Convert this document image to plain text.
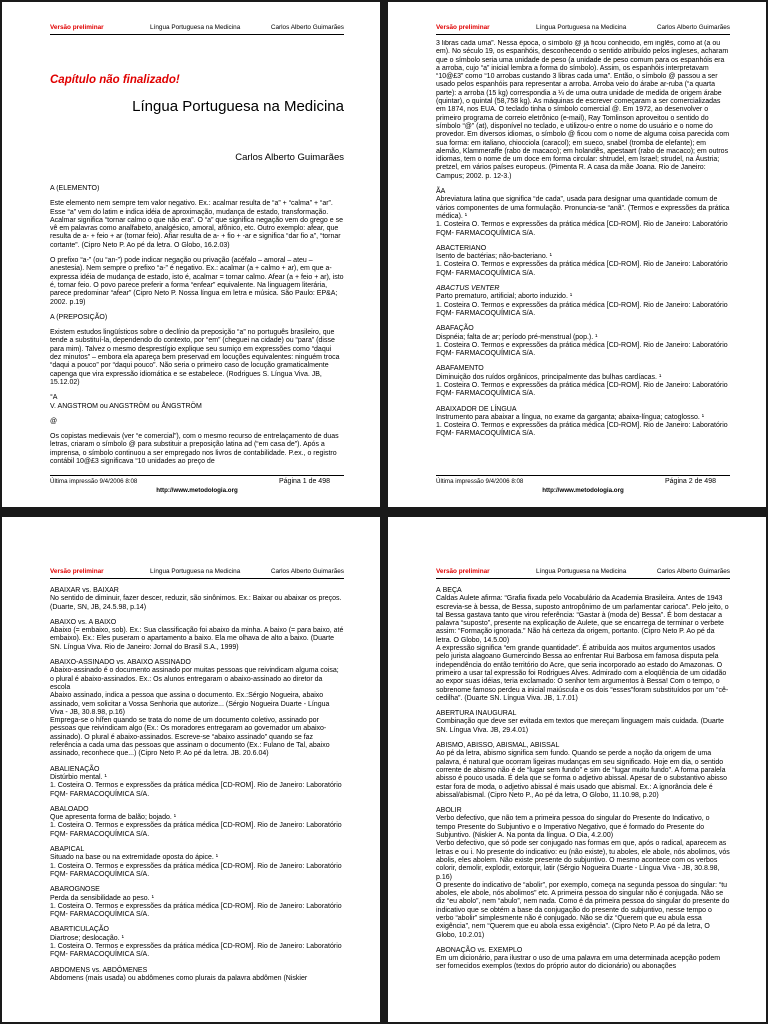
Versão preliminar	Língua Portuguesa na Medicina	Carlos Alberto Guimarães
Capítulo não finalizado!
Língua Portuguesa na Medicina
Carlos Alberto Guimarães

A (ELEMENTO)

Este elemento nem sempre tem valor negativo. Ex.: acalmar resulta de “a” + “calma” + “ar”. Esse “a” vem do latim e indica idéia de aproximação, mudança de estado, transformação. Acalmar significa “tornar calmo o que não era”. O “a” que significa negação vem do grego e se vê em palavras como analfabeto, analgésico, amoral, afônico, etc. Outro exemplo: afear, que resulta de a- + feio + ar (tornar feio). Afiar resulta de a- + fio + -ar e significa “dar fio a”, “tornar cortante”. (Cipro Neto P. Ao pé da letra. O Globo, 16.2.03)

O prefixo “a-” (ou “an-”) pode indicar negação ou privação (acéfalo – amoral – ateu – anestesia). Nem sempre o prefixo “a-” é negativo. Ex.: acalmar (a + calmo + ar), em que a- expressa idéia de mudança de estado, isto é, acalmar = tornar calmo. Afear (a + feio + ar), isto é, tornar feio. O povo parece preferir a forma “enfear” equivalente. Na linguagem literária, parece predominar “afear” (Cipro Neto P. Nossa língua em letra e música. São Paulo: EP&A; 2002. p.19)

A (PREPOSIÇÃO)

Existem estudos lingüísticos sobre o declínio da preposição “a” no português brasileiro, que tende a substituí-la, dependendo do contexto, por “em” (cheguei na cidade) ou “para” (disse para mim). Talvez o mesmo desprestígio explique seu sumiço em expressões como “daqui dez minutos” – embora ela apareça bem preservad em locuções equivalentes: ninguém troca “daqui a pouco” por “daqui pouco”. Não seria o primeiro caso de locução gramaticalmente capenga que vira expressão idiomática e se estabelece. (Rodrigues S. Língua Viva. JB, 15.12.02)

°A

V. ANGSTROM ou ANGSTRÖM ou ÅNGSTRÖM

@

Os copistas medievais (ver “e comercial”), com o mesmo recurso de entrelaçamento de duas letras, criaram o símbolo @ para substituir a preposição latina ad (“em casa de”). Após a imprensa, o símbolo continuou a ser empregado nos livros de contabilidade. P.ex., o registro contábil 10@£3 significava “10 unidades ao preço de

Última impressão 9/4/2006 8:08	Página 1 de 498
http://www.metodologia.org
Versão preliminar	Língua Portuguesa na Medicina	Carlos Alberto Guimarães

3 libras cada uma”. Nessa época, o símbolo @ já ficou conhecido, em inglês, como at (a ou em). No século 19, os espanhóis, desconhecendo o sentido atribuído pelos ingleses, acharam que o símbolo seria uma unidade de peso (a unidade de peso comum para os espanhóis era a arroba, cujo “a” inicial lembra a forma do símbolo). Assim, os espanhóis interpretavam “10@£3” como “10 arrobas custando 3 libras cada uma”. Então, o símbolo @ passou a ser usado pelos espanhóis para representar a arroba. Arroba veio do árabe ar-ruba (“a quarta parte): a arroba (15 kg) correspondia a ¼ de uma outra unidade de medida de origem árabe (quintar), o quintal (58,758 kg). As máquinas de escrever começaram a ser comercializadas em 1874, nos EUA. O teclado tinha o símbolo comercial @. Em 1972, ao desenvolver o primeiro programa de correio eletrônico (e-mail), Ray Tomlinson aproveitou o sentido do símbolo “@” (at), disponível no teclado, e utilizou-o entre o nome do usuário e o nome do provedor. Em diversos idiomas, o símbolo @ ficou com o nome de alguma coisa parecida com sua forma: em italiano, chiocciola (caracol); em sueco, snabel (tromba de elefante); em alemão, Klammeraffe (rabo de macaco); em holandês, apestaart (rabo de macaco); em outros idiomas, tem o nome de um doce em forma circular: shtrudel, em Israel; strudel, na Áustria; pretzel, em vários países europeus. (Pimenta R. A casa da mãe Joana. Rio de Janeiro: Campus; 2002. p. 12-3.)

ÃA

Abreviatura latina que significa “de cada”, usada para designar uma quantidade comum de vários componentes de uma formulação. Pronuncia-se “anã”. (Termos e expressões da prática médica). ¹

1. Costeira O. Termos e expressões da prática médica [CD-ROM]. Rio de Janeiro: Laboratório FQM- FARMACOQUÍMICA S/A.

ABACTERIANO

Isento de bactérias; não-bacteriano. ¹

1. Costeira O. Termos e expressões da prática médica [CD-ROM]. Rio de Janeiro: Laboratório FQM- FARMACOQUÍMICA S/A.

ABACTUS VENTER

Parto prematuro, artificial; aborto induzido. ¹

1. Costeira O. Termos e expressões da prática médica [CD-ROM]. Rio de Janeiro: Laboratório FQM- FARMACOQUÍMICA S/A.

ABAFAÇÃO

Dispnéia; falta de ar; período pré-menstrual (pop.). ¹

1. Costeira O. Termos e expressões da prática médica [CD-ROM]. Rio de Janeiro: Laboratório FQM- FARMACOQUÍMICA S/A.

ABAFAMENTO

Diminuição dos ruídos orgânicos, principalmente das bulhas cardíacas. ¹

1. Costeira O. Termos e expressões da prática médica [CD-ROM]. Rio de Janeiro: Laboratório FQM- FARMACOQUÍMICA S/A.

ABAIXADOR DE LÍNGUA

Instrumento para abaixar a língua, no exame da garganta; abaixa-língua; catoglosso. ¹

1. Costeira O. Termos e expressões da prática médica [CD-ROM]. Rio de Janeiro: Laboratório FQM- FARMACOQUÍMICA S/A.

Última impressão 9/4/2006 8:08	Página 2 de 498
http://www.metodologia.org
Versão preliminar	Língua Portuguesa na Medicina	Carlos Alberto Guimarães

ABAIXAR vs. BAIXAR

No sentido de diminuir, fazer descer, reduzir, são sinônimos. Ex.: Baixar ou abaixar os preços. (Duarte, SN, JB, 24.5.98, p.14)

ABAIXO vs. A BAIXO

Abaixo (= embaixo, sob). Ex.: Sua classificação foi abaixo da minha. A baixo (= para baixo, até embaixo). Ex.: Eles puseram o apartamento a baixo. Ela me olhava de alto a baixo. (Duarte SN. Língua Viva. Rio de Janeiro: Jornal do Brasil S.A., 1999)

ABAIXO-ASSINADO vs. ABAIXO ASSINADO

Abaixo-assinado é o documento assinado por muitas pessoas que reivindicam alguma coisa; o plural é abaixo-assinados. Ex.: Os alunos entregaram o abaixo-assinado ao diretor da escola

Abaixo assinado, indica a pessoa que assina o documento. Ex.:Sérgio Nogueira, abaixo assinado, vem solicitar a Vossa Senhoria que autorize... (Sérgio Nogueira Duarte - Língua Viva - JB, 30.8.98, p.16)

Emprega-se o hífen quando se trata do nome de um documento coletivo, assinado por pessoas que reivindicam algo (Ex.: Os moradores entregaram ao governador um abaixo-assinado). O plural é abaixo-assinados. Escreve-se “abaixo assinado” quando se faz referência a cada uma das pessoas que assinam o documento (Ex.: Fulano de Tal, abaixo assinado, reconhece que...) (Cipro Neto P. Ao pé da letra. JB. 20.6.04)

ABALIENAÇÃO

Distúrbio mental. ¹

1. Costeira O. Termos e expressões da prática médica [CD-ROM]. Rio de Janeiro: Laboratório FQM- FARMACOQUÍMICA S/A.

ABALOADO

Que apresenta forma de balão; bojado. ¹

1. Costeira O. Termos e expressões da prática médica [CD-ROM]. Rio de Janeiro: Laboratório FQM- FARMACOQUÍMICA S/A.

ABAPICAL

Situado na base ou na extremidade oposta do ápice. ¹

1. Costeira O. Termos e expressões da prática médica [CD-ROM]. Rio de Janeiro: Laboratório FQM- FARMACOQUÍMICA S/A.

ABAROGNOSE

Perda da sensibilidade ao peso. ¹

1. Costeira O. Termos e expressões da prática médica [CD-ROM]. Rio de Janeiro: Laboratório FQM- FARMACOQUÍMICA S/A.

ABARTICULAÇÃO

Diartrose; deslocação. ¹

1. Costeira O. Termos e expressões da prática médica [CD-ROM]. Rio de Janeiro: Laboratório FQM- FARMACOQUÍMICA S/A.

ABDOMENS vs. ABDÔMENES

Abdomens (mais usada) ou abdômenes como plurais da palavra abdômen (Niskier

Versão preliminar	Língua Portuguesa na Medicina	Carlos Alberto Guimarães

À BEÇA

Caldas Aulete afirma: “Grafia fixada pelo Vocabulário da Academia Brasileira. Antes de 1943 escrevia-se à bessa, de Bessa, suposto antropônimo de um parlamentar carioca”. Pelo jeito, o tal Bessa gastava tanto que virou referência: “Gastar à (moda de) Bessa”. É bom destacar a palavra “suposto”, presente na explicação de Aulete, que se encarrega de terminar o verbete assim: “Formação ignorada.” Não há certeza da origem, portanto. (Cipro Neto P. Ao pé da letra. O Globo, 14.5.00)

A expressão significa “em grande quantidade”. É atribuída aos muitos argumentos usados pelo jurista alagoano Gumercindo Bessa ao enfrentar Rui Barbosa em famosa disputa pela independência do então território do Acre, que seria incorporado ao estado do Amazonas. O primeiro a usar tal expressão foi Rodrigues Alves. Admirado com a eloqüência de um cidadão ao expor suas idéias, teria exclamado: O senhor tem argumentos à Bessa! Com o tempo, o sobrenome famoso perdeu a inicial maiúscula e os dois “esses”foram substituídos por um “cê-cedilha”. (Duarte SN. Língua Viva. JB, 1.7.01)

ABERTURA INAUGURAL

Combinação que deve ser evitada em textos que mereçam linguagem mais cuidada. (Duarte SN. Língua Viva. JB, 29.4.01)

ABISMO, ABISSO, ABISMAL, ABISSAL

Ao pé da letra, abismo significa sem fundo. Quando se perde a noção da origem de uma palavra, é natural que ocorram ligeiras mudanças em seu significado. Hoje em dia, o sentido corrente de abismo não é de “lugar sem fundo” e sim de “lugar muito fundo”. A forma paralela abisso é pouco usada. É dela que se forma o adjetivo abissal. Apesar de o substantivo abisso estar fora de moda, o adjetivo abissal é mais usado que abismal. Ex.: A ignorância dele é abissal/abismal. (Cipro Neto P., Ao pé da letra, O Globo, 11.10.98, p.20)

ABOLIR

Verbo defectivo, que não tem a primeira pessoa do singular do Presente do Indicativo, o tempo Presente do Subjuntivo e o Imperativo Negativo, que é formado do Presente do Subjuntivo. (Niskier A. Na ponta da língua. O Dia, 4.2.00)

Verbo defectivo, que só pode ser conjugado nas formas em que, após o radical, aparecem as letras e ou i. No presente do indicativo: eu (não existe), tu aboles, ele abole, nós abolimos, vós abolis, eles abolem. Não existe presente do subjuntivo. O mesmo acontece com os verbos colorir, demolir, explodir, extorquir, latir (Sérgio Nogueira Duarte - Língua Viva - JB, 30.8.98, p.16)

O presente do indicativo de “abolir”, por exemplo, começa na segunda pessoa do singular: “tu aboles, ele abole, nós abolimos” etc. A primeira pessoa do singular não é conjugada. Não se diz “eu abolo”, nem “abulo”, nem nada. Como é da primeira pessoa do singular do presente do indicativo que se obtém a base da conjugação do presente do subjuntivo, nesse tempo o verbo “abolir” simplesmente não é conjugado. Não se diz “Querem que eu abula essa exigência”, nem “Querem que eu abola essa exigência”. (Cipro Neto P. Ao pé da letra, O Globo, 10.2.01)

ABONAÇÃO vs. EXEMPLO

Em um dicionário, para ilustrar o uso de uma palavra em uma determinada acepção podem ser fornecidos exemplos (textos do próprio autor do dicionário) ou abonações
